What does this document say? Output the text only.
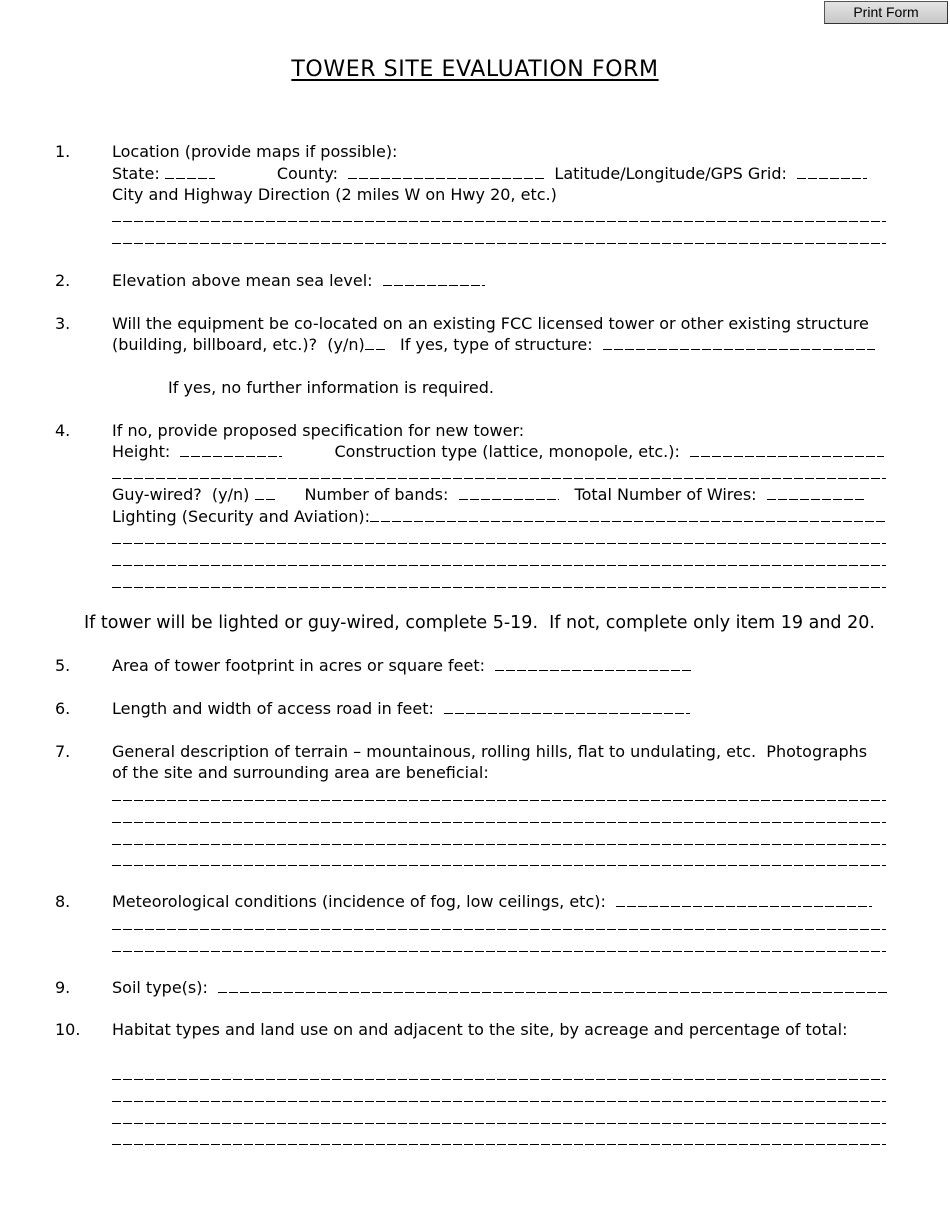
Print Form
TOWER SITE EVALUATION FORM
1.	Location (provide maps if possible):
State:	County:	Latitude/Longitude/GPS Grid:
City and Highway Direction (2 miles W on Hwy 20, etc.)
2.	Elevation above mean sea level:
3.	Will the equipment be co-located on an existing FCC licensed tower or other existing structure
(building, billboard, etc.)?  (y/n) If yes, type of structure:
If yes, no further information is required.
4.	If no, provide proposed specification for new tower:
Height:	Construction type (lattice, monopole, etc.):
Guy-wired?  (y/n)	Number of bands:	Total Number of Wires:
Lighting (Security and Aviation):
If tower will be lighted or guy-wired, complete 5-19.  If not, complete only item 19 and 20.
5.	Area of tower footprint in acres or square feet:
6.	Length and width of access road in feet:
7.	General description of terrain – mountainous, rolling hills, flat to undulating, etc.  Photographs
of the site and surrounding area are beneficial:
8.	Meteorological conditions (incidence of fog, low ceilings, etc):
9.	Soil type(s):
10. Habitat types and land use on and adjacent to the site, by acreage and percentage of total:
